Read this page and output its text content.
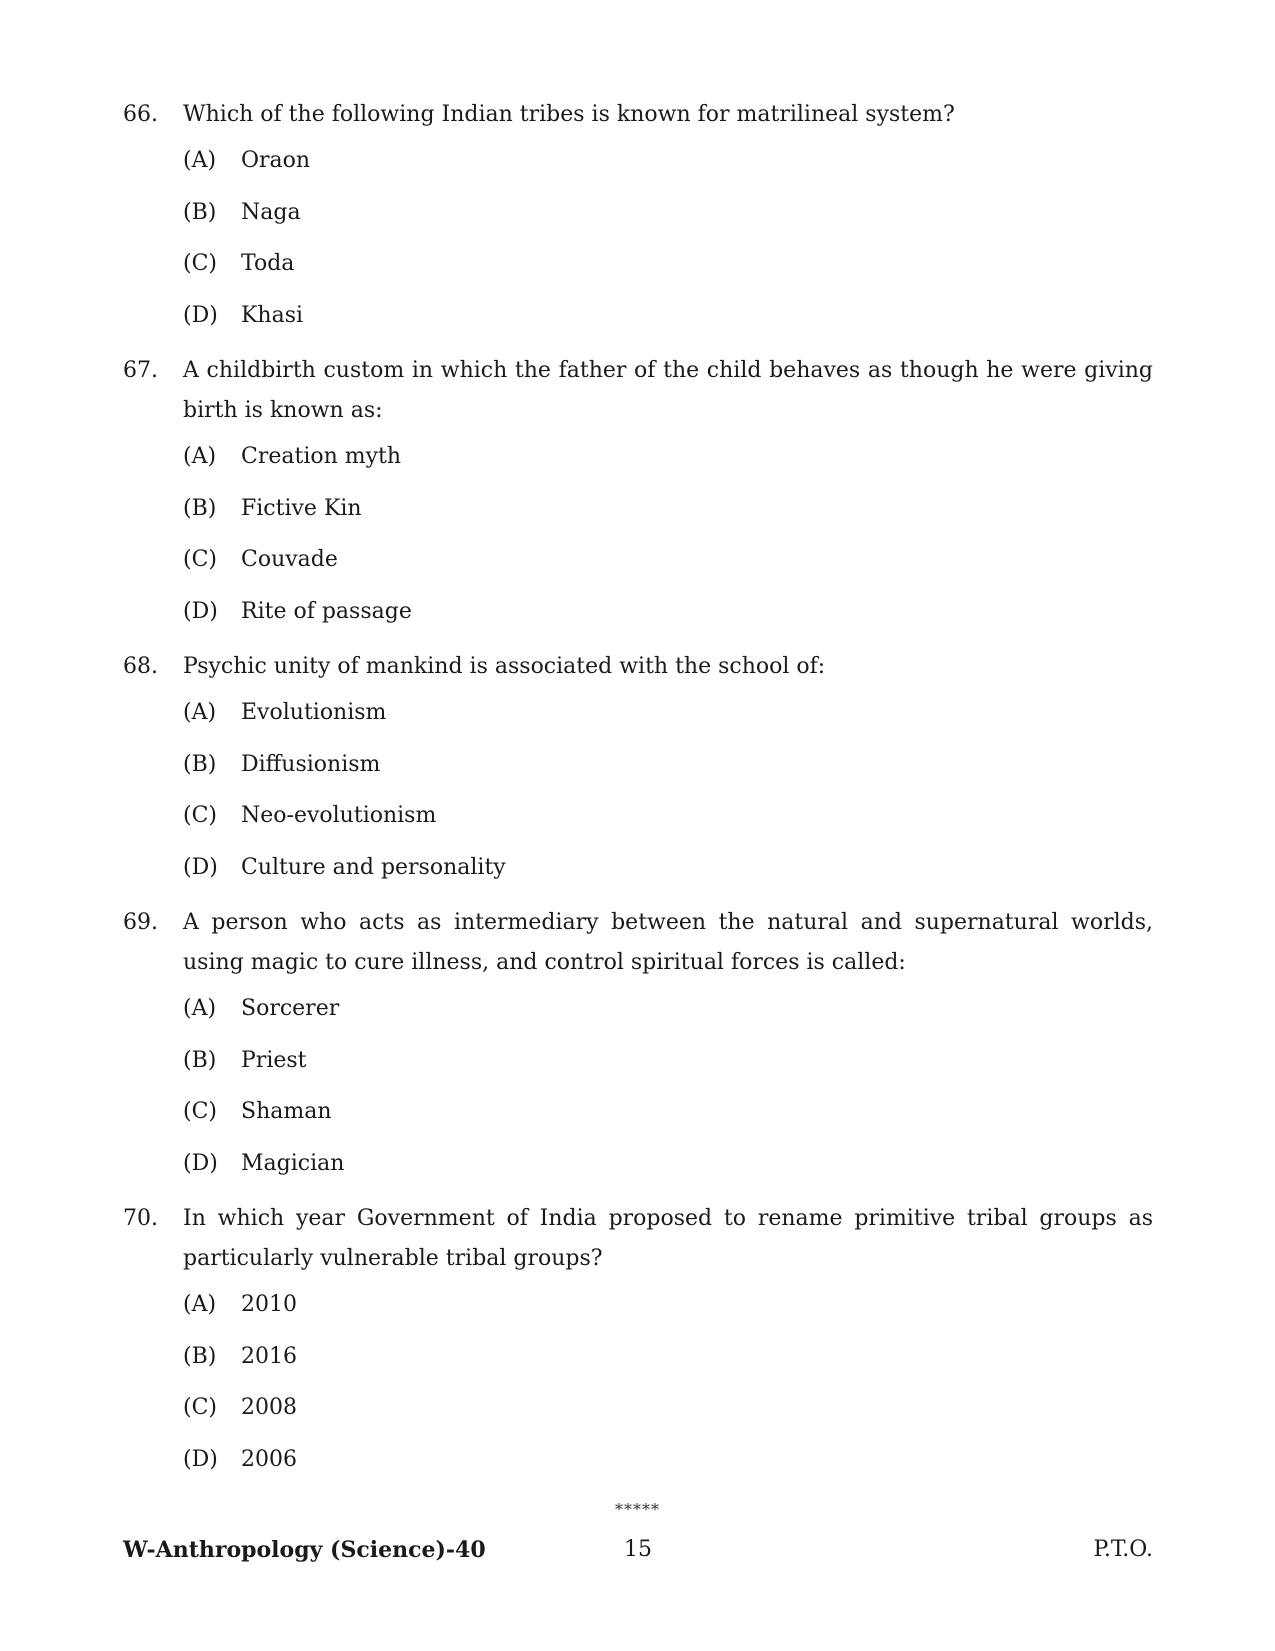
66.	Which of the following Indian tribes is known for matrilineal system?
(A)	Oraon
(B)	Naga
(C)	Toda
(D)	Khasi
67.	A childbirth custom in which the father of the child behaves as though he were giving birth is known as:
(A)	Creation myth
(B)	Fictive Kin
(C)	Couvade
(D)	Rite of passage
68.	Psychic unity of mankind is associated with the school of:
(A)	Evolutionism
(B)	Diffusionism
(C)	Neo-evolutionism
(D)	Culture and personality
69.	A person who acts as intermediary between the natural and supernatural worlds, using magic to cure illness, and control spiritual forces is called:
(A)	Sorcerer
(B)	Priest
(C)	Shaman
(D)	Magician
70.	In which year Government of India proposed to rename primitive tribal groups as particularly vulnerable tribal groups?
(A)	2010
(B)	2016
(C)	2008
(D)	2006
*****
W-Anthropology (Science)-40	15	P.T.O.
